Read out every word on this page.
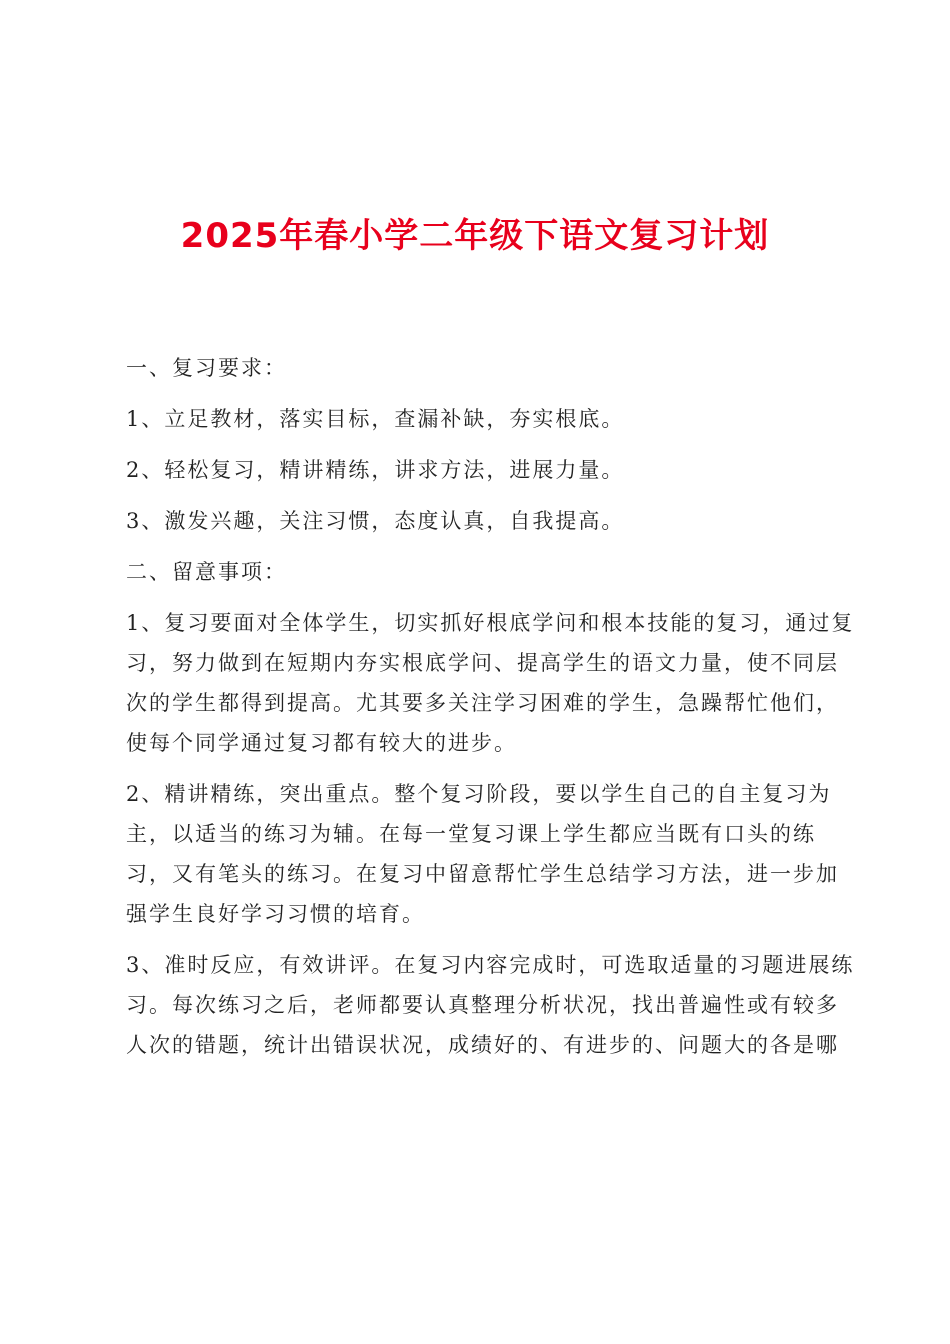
2025年春小学二年级下语文复习计划
一、复习要求：
1、立足教材，落实目标，查漏补缺，夯实根底。
2、轻松复习，精讲精练，讲求方法，进展力量。
3、激发兴趣，关注习惯，态度认真，自我提高。
二、留意事项：
1、复习要面对全体学生，切实抓好根底学问和根本技能的复习，通过复
习，努力做到在短期内夯实根底学问、提高学生的语文力量，使不同层
次的学生都得到提高。尤其要多关注学习困难的学生，急躁帮忙他们，
使每个同学通过复习都有较大的进步。
2、精讲精练，突出重点。整个复习阶段，要以学生自己的自主复习为
主，以适当的练习为辅。在每一堂复习课上学生都应当既有口头的练
习，又有笔头的练习。在复习中留意帮忙学生总结学习方法，进一步加
强学生良好学习习惯的培育。
3、准时反应，有效讲评。在复习内容完成时，可选取适量的习题进展练
习。每次练习之后，老师都要认真整理分析状况，找出普遍性或有较多
人次的错题，统计出错误状况，成绩好的、有进步的、问题大的各是哪
